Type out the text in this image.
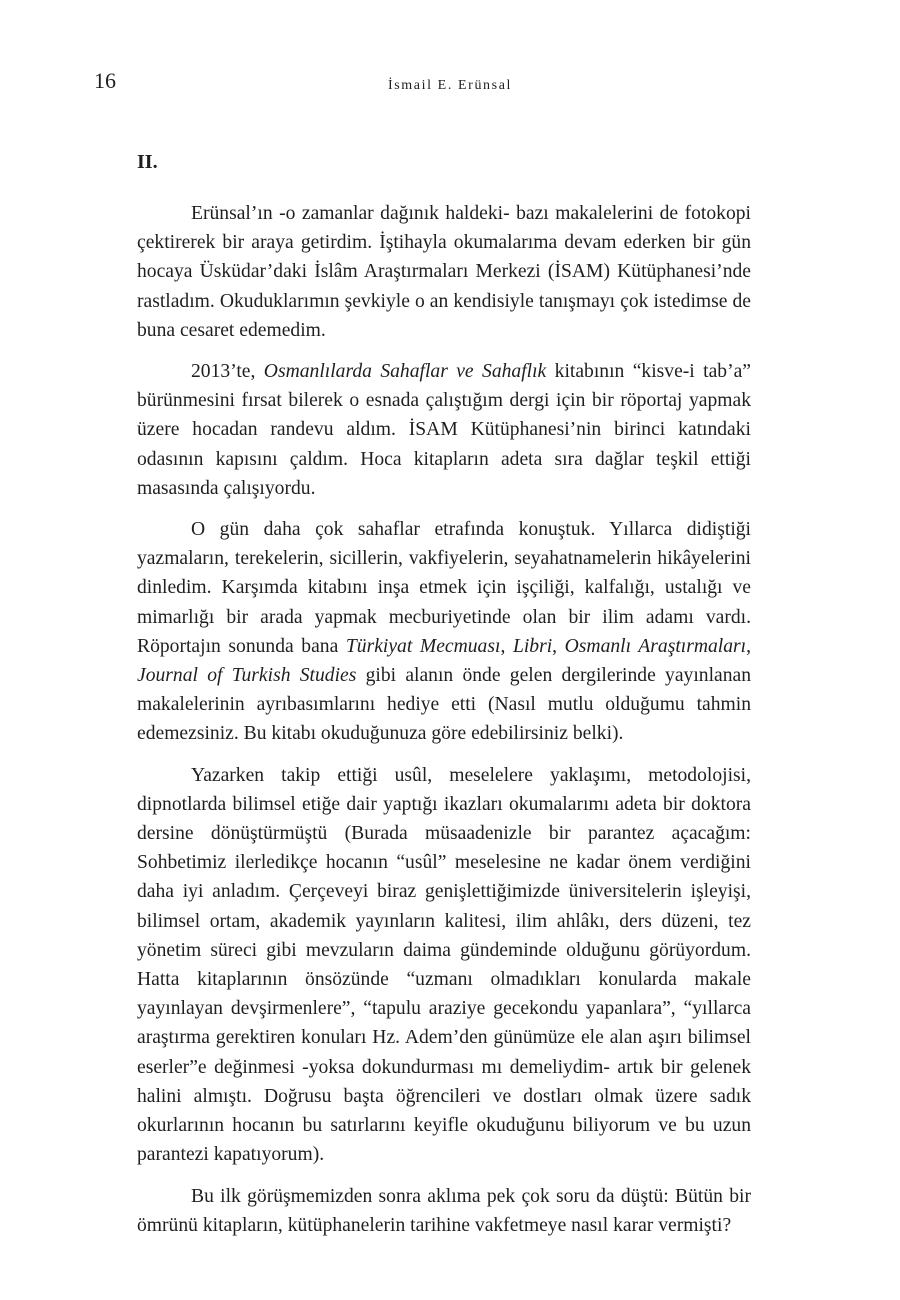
16	İsmail E. Erünsal
II.

Erünsal’ın -o zamanlar dağınık haldeki- bazı makalelerini de fotokopi çektirerek bir araya getirdim. İştihayla okumalarıma devam ederken bir gün hocaya Üsküdar’daki İslâm Araştırmaları Merkezi (İSAM) Kütüphanesi’nde rastladım. Okuduklarımın şevkiyle o an kendisiyle tanışmayı çok istedimse de buna cesaret edemedim.

2013’te, Osmanlılarda Sahaflar ve Sahaflık kitabının “kisve-i tab’a” bürünmesini fırsat bilerek o esnada çalıştığım dergi için bir röportaj yapmak üzere hocadan randevu aldım. İSAM Kütüphanesi’nin birinci katındaki odasının kapısını çaldım. Hoca kitapların adeta sıra dağlar teşkil ettiği masasında çalışıyordu.

O gün daha çok sahaflar etrafında konuştuk. Yıllarca didiştiği yazmaların, terekelerin, sicillerin, vakfiyelerin, seyahatnamelerin hikâyelerini dinledim. Karşımda kitabını inşa etmek için işçiliği, kalfalığı, ustalığı ve mimarlığı bir arada yapmak mecburiyetinde olan bir ilim adamı vardı. Röportajın sonunda bana Türkiyat Mecmuası, Libri, Osmanlı Araştırmaları, Journal of Turkish Studies gibi alanın önde gelen dergilerinde yayınlanan makalelerinin ayrıbasımlarını hediye etti (Nasıl mutlu olduğumu tahmin edemezsiniz. Bu kitabı okuduğunuza göre edebilirsiniz belki).

Yazarken takip ettiği usûl, meselelere yaklaşımı, metodolojisi, dipnotlarda bilimsel etiğe dair yaptığı ikazları okumalarımı adeta bir doktora dersine dönüştürmüştü (Burada müsaadenizle bir parantez açacağım: Sohbetimiz ilerledikçe hocanın “usûl” meselesine ne kadar önem verdiğini daha iyi anladım. Çerçeveyi biraz genişlettiğimizde üniversitelerin işleyişi, bilimsel ortam, akademik yayınların kalitesi, ilim ahlâkı, ders düzeni, tez yönetim süreci gibi mevzuların daima gündeminde olduğunu görüyordum. Hatta kitaplarının önsözünde “uzmanı olmadıkları konularda makale yayınlayan devşirmenlere”, “tapulu araziye gecekondu yapanlara”, “yıllarca araştırma gerektiren konuları Hz. Adem’den günümüze ele alan aşırı bilimsel eserler”e değinmesi -yoksa dokundurması mı demeliydim- artık bir gelenek halini almıştı. Doğrusu başta öğrencileri ve dostları olmak üzere sadık okurlarının hocanın bu satırlarını keyifle okuduğunu biliyorum ve bu uzun parantezi kapatıyorum).

Bu ilk görüşmemizden sonra aklıma pek çok soru da düştü: Bütün bir ömrünü kitapların, kütüphanelerin tarihine vakfetmeye nasıl karar vermişti?
